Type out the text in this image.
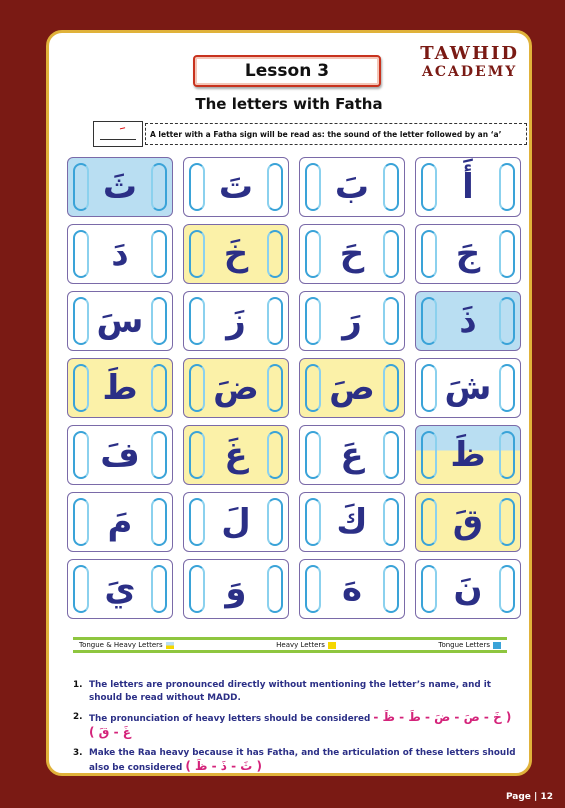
Lesson 3
TAWHID
ACADEMY
The letters with Fatha
A letter with a Fatha sign will be read as: the sound of the letter followed by an ‘a’
ثَ تَ بَ	أَ
دَ	خَ	حَ	جَ
سَ زَ	رَ	ذَ
طَ ضَ صَ شَ
فَ غَ	عَ	ظَ
مَ	لَ	كَ	قَ
يَ	وَ	هَ	نَ
Tongue & Heavy Letters	Heavy Letters	Tongue Letters
1. The letters are pronounced directly without mentioning the letter’s name, and it should be read without MADD.
2. The pronunciation of heavy letters should be considered ( خَ - صَ - ضَ - طَ - ظَ - غَ - قَ )
3. Make the Raa heavy because it has Fatha, and the articulation of these letters should also be considered ( ثَ - ذَ - ظَ )
Page | 12
